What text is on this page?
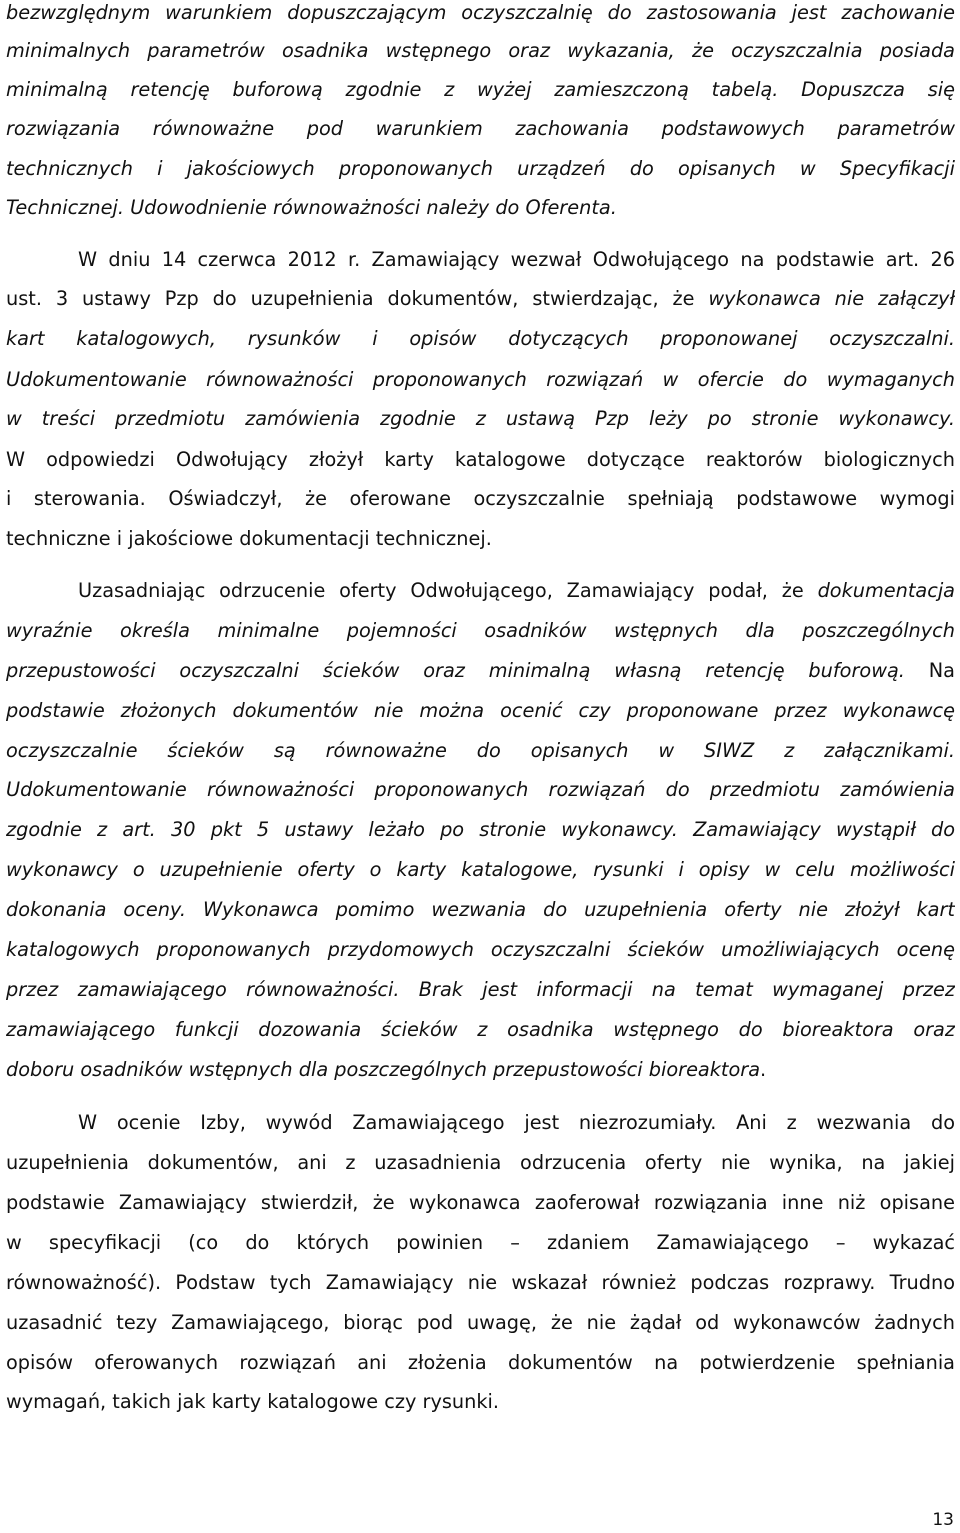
bezwzględnym warunkiem dopuszczającym oczyszczalnię do zastosowania jest zachowanie
minimalnych parametrów osadnika wstępnego oraz wykazania, że oczyszczalnia posiada
minimalną retencję buforową zgodnie z wyżej zamieszczoną tabelą. Dopuszcza się
rozwiązania równoważne pod warunkiem zachowania podstawowych parametrów
technicznych i jakościowych proponowanych urządzeń do opisanych w Specyfikacji
Technicznej. Udowodnienie równoważności należy do Oferenta.
W dniu 14 czerwca 2012 r. Zamawiający wezwał Odwołującego na podstawie art. 26
ust. 3 ustawy Pzp do uzupełnienia dokumentów, stwierdzając, że wykonawca nie załączył
kart katalogowych, rysunków i opisów dotyczących proponowanej oczyszczalni.
Udokumentowanie równoważności proponowanych rozwiązań w ofercie do wymaganych
w treści przedmiotu zamówienia zgodnie z ustawą Pzp leży po stronie wykonawcy.
W odpowiedzi Odwołujący złożył karty katalogowe dotyczące reaktorów biologicznych
i sterowania. Oświadczył, że oferowane oczyszczalnie spełniają podstawowe wymogi
techniczne i jakościowe dokumentacji technicznej.
Uzasadniając odrzucenie oferty Odwołującego, Zamawiający podał, że dokumentacja
wyraźnie określa minimalne pojemności osadników wstępnych dla poszczególnych
przepustowości oczyszczalni ścieków oraz minimalną własną retencję buforową. Na
podstawie złożonych dokumentów nie można ocenić czy proponowane przez wykonawcę
oczyszczalnie ścieków są równoważne do opisanych w SIWZ z załącznikami.
Udokumentowanie równoważności proponowanych rozwiązań do przedmiotu zamówienia
zgodnie z art. 30 pkt 5 ustawy leżało po stronie wykonawcy. Zamawiający wystąpił do
wykonawcy o uzupełnienie oferty o karty katalogowe, rysunki i opisy w celu możliwości
dokonania oceny. Wykonawca pomimo wezwania do uzupełnienia oferty nie złożył kart
katalogowych proponowanych przydomowych oczyszczalni ścieków umożliwiających ocenę
przez zamawiającego równoważności. Brak jest informacji na temat wymaganej przez
zamawiającego funkcji dozowania ścieków z osadnika wstępnego do bioreaktora oraz
doboru osadników wstępnych dla poszczególnych przepustowości bioreaktora.
W ocenie Izby, wywód Zamawiającego jest niezrozumiały. Ani z wezwania do
uzupełnienia dokumentów, ani z uzasadnienia odrzucenia oferty nie wynika, na jakiej
podstawie Zamawiający stwierdził, że wykonawca zaoferował rozwiązania inne niż opisane
w specyfikacji (co do których powinien – zdaniem Zamawiającego – wykazać
równoważność). Podstaw tych Zamawiający nie wskazał również podczas rozprawy. Trudno
uzasadnić tezy Zamawiającego, biorąc pod uwagę, że nie żądał od wykonawców żadnych
opisów oferowanych rozwiązań ani złożenia dokumentów na potwierdzenie spełniania
wymagań, takich jak karty katalogowe czy rysunki.
13
